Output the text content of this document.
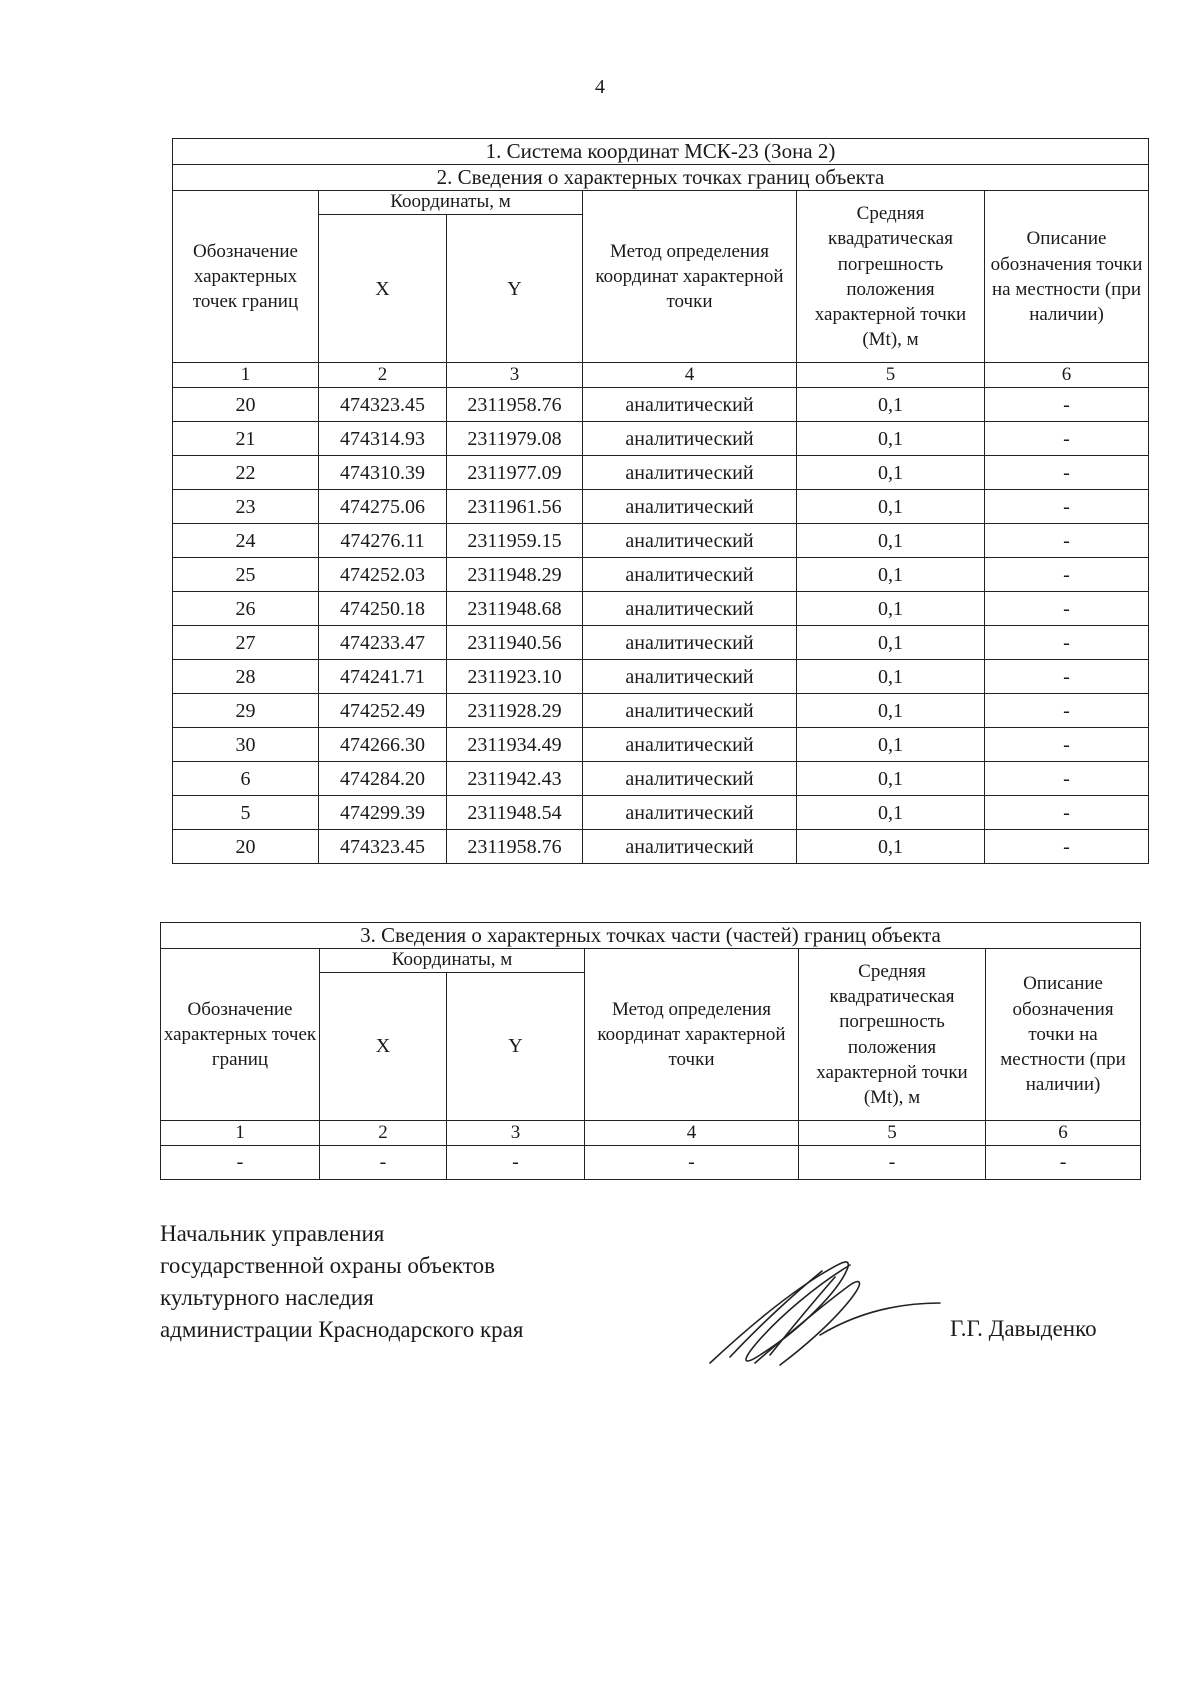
4
1. Система координат МСК-23 (Зона 2)					
2. Сведения о характерных точках границ объекта					
Обозначение характерных точек границ	Координаты, м		Метод определения координат характерной точки	Средняя квадратическая погрешность положения характерной точки (Mt), м	Описание обозначения точки на местности (при наличии)
	X	Y			
1	2	3	4	5	6
20	474323.45	2311958.76	аналитический	0,1	-
21	474314.93	2311979.08	аналитический	0,1	-
22	474310.39	2311977.09	аналитический	0,1	-
23	474275.06	2311961.56	аналитический	0,1	-
24	474276.11	2311959.15	аналитический	0,1	-
25	474252.03	2311948.29	аналитический	0,1	-
26	474250.18	2311948.68	аналитический	0,1	-
27	474233.47	2311940.56	аналитический	0,1	-
28	474241.71	2311923.10	аналитический	0,1	-
29	474252.49	2311928.29	аналитический	0,1	-
30	474266.30	2311934.49	аналитический	0,1	-
6	474284.20	2311942.43	аналитический	0,1	-
5	474299.39	2311948.54	аналитический	0,1	-
20	474323.45	2311958.76	аналитический	0,1	-
3. Сведения о характерных точках части (частей) границ объекта					
Обозначение характерных точек границ	Координаты, м		Метод определения координат характерной точки	Средняя квадратическая погрешность положения характерной точки (Mt), м	Описание обозначения точки на местности (при наличии)
	X	Y			
1	2	3	4	5	6
-	-	-	-	-	-
Начальник управления
государственной охраны объектов
культурного наследия
администрации Краснодарского края	Г.Г. Давыденко
